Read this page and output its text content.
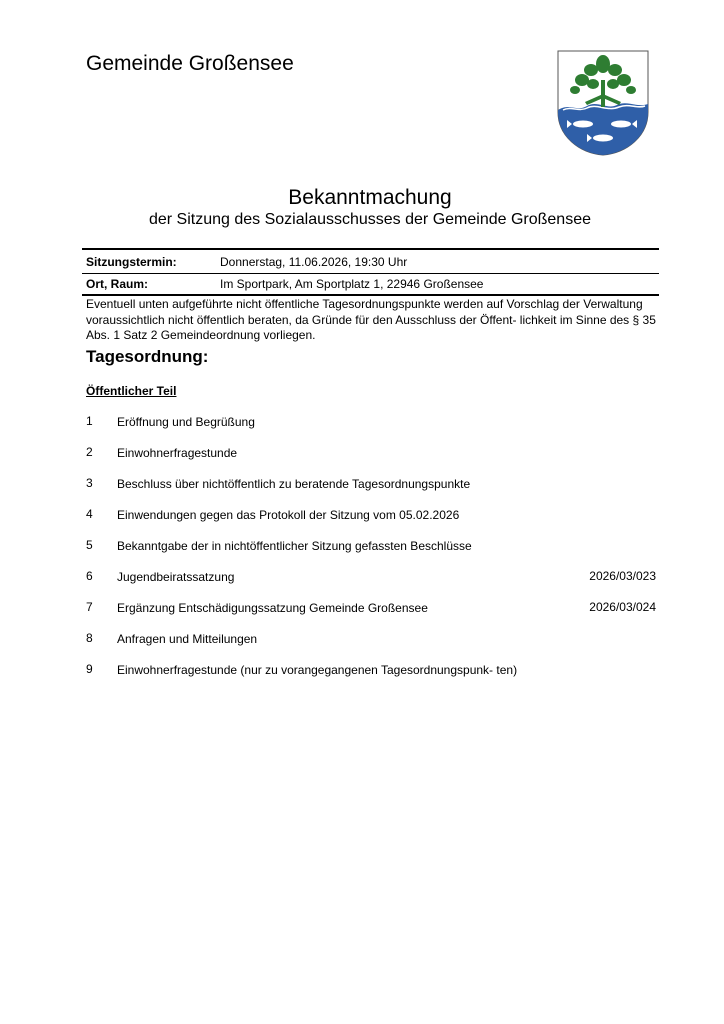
Gemeinde Großensee
Bekanntmachung
der Sitzung des Sozialausschusses der Gemeinde Großensee
Sitzungstermin:	Donnerstag, 11.06.2026, 19:30 Uhr
Ort, Raum:	Im Sportpark, Am Sportplatz 1, 22946 Großensee
Eventuell unten aufgeführte nicht öffentliche Tagesordnungspunkte werden auf Vorschlag der Verwaltung voraussichtlich nicht öffentlich beraten, da Gründe für den Ausschluss der Öffent- lichkeit im Sinne des § 35 Abs. 1 Satz 2 Gemeindeordnung vorliegen.
Tagesordnung:
Öffentlicher Teil
1 Eröffnung und Begrüßung
2 Einwohnerfragestunde
3 Beschluss über nichtöffentlich zu beratende Tagesordnungspunkte
4 Einwendungen gegen das Protokoll der Sitzung vom 05.02.2026
5 Bekanntgabe der in nichtöffentlicher Sitzung gefassten Beschlüsse
6 Jugendbeiratssatzung	2026/03/023
7 Ergänzung Entschädigungssatzung Gemeinde Großensee	2026/03/024
8 Anfragen und Mitteilungen
9 Einwohnerfragestunde (nur zu vorangegangenen Tagesordnungspunk- ten)
